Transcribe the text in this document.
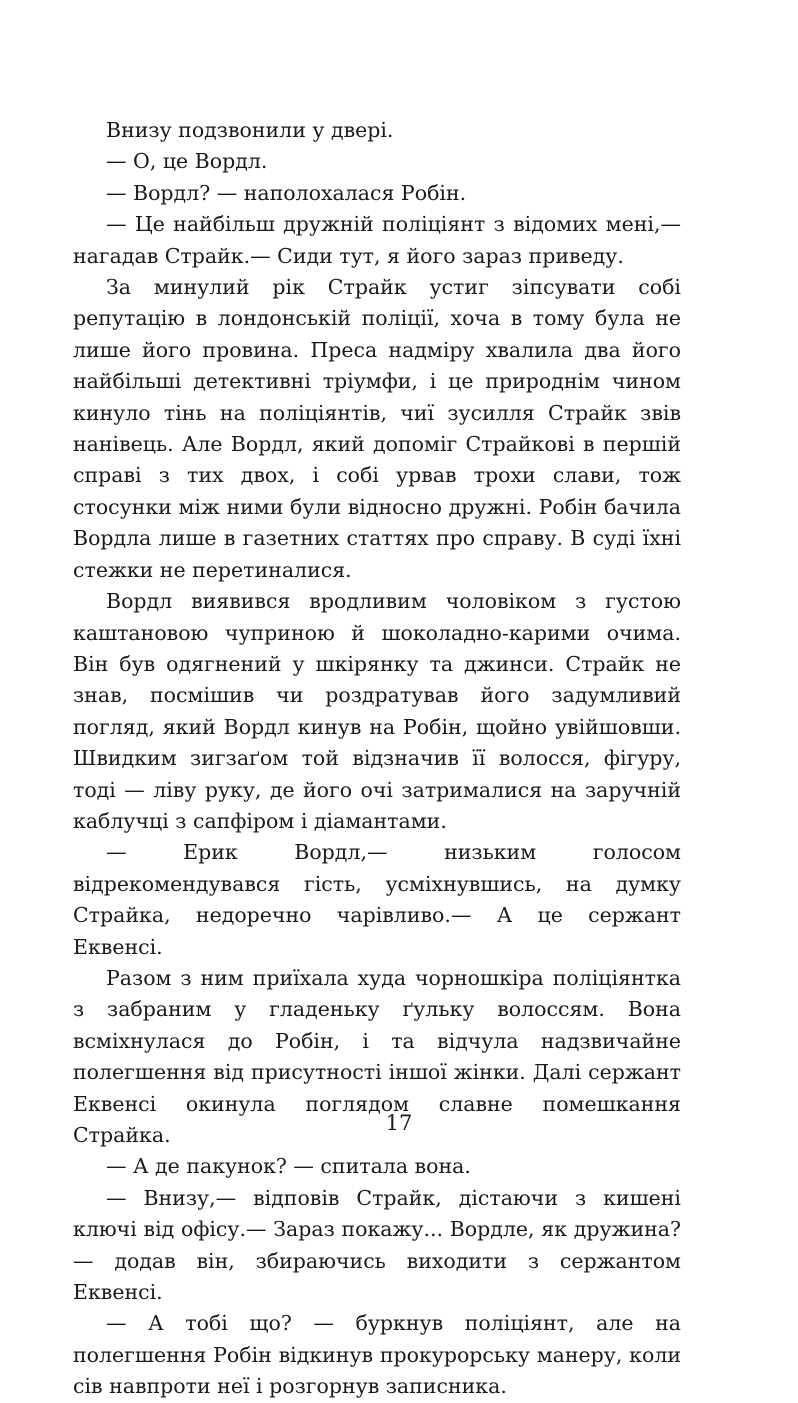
Внизу подзвонили у двері.

— О, це Вордл.

— Вордл? — наполохалася Робін.

— Це найбільш дружній поліціянт з відомих мені,— нагадав Страйк.— Сиди тут, я його зараз приведу.

За минулий рік Страйк устиг зіпсувати собі репутацію в лондонській поліції, хоча в тому була не лише його провина. Преса надміру хвалила два його найбільші детективні тріумфи, і це природнім чином кинуло тінь на поліціянтів, чиї зусилля Страйк звів нанівець. Але Вордл, який допоміг Страйкові в першій справі з тих двох, і собі урвав трохи слави, тож стосунки між ними були відносно дружні. Робін бачила Вордла лише в газетних статтях про справу. В суді їхні стежки не перетиналися.

Вордл виявився вродливим чоловіком з густою каштановою чуприною й шоколадно-карими очима. Він був одягнений у шкірянку та джинси. Страйк не знав, посмішив чи роздратував його задумливий погляд, який Вордл кинув на Робін, щойно увійшовши. Швидким зигзаґом той відзначив її волосся, фігуру, тоді — ліву руку, де його очі затрималися на заручній каблучці з сапфіром і діамантами.

— Ерик Вордл,— низьким голосом відрекомендувався гість, усміхнувшись, на думку Страйка, недоречно чарівливо.— А це сержант Еквенсі.

Разом з ним приїхала худа чорношкіра поліціянтка з забраним у гладеньку ґульку волоссям. Вона всміхнулася до Робін, і та відчула надзвичайне полегшення від присутності іншої жінки. Далі сержант Еквенсі окинула поглядом славне помешкання Страйка.

— А де пакунок? — спитала вона.

— Внизу,— відповів Страйк, дістаючи з кишені ключі від офісу.— Зараз покажу... Вордле, як дружина? — додав він, збираючись виходити з сержантом Еквенсі.

— А тобі що? — буркнув поліціянт, але на полегшення Робін відкинув прокурорську манеру, коли сів навпроти неї і розгорнув записника.

17
